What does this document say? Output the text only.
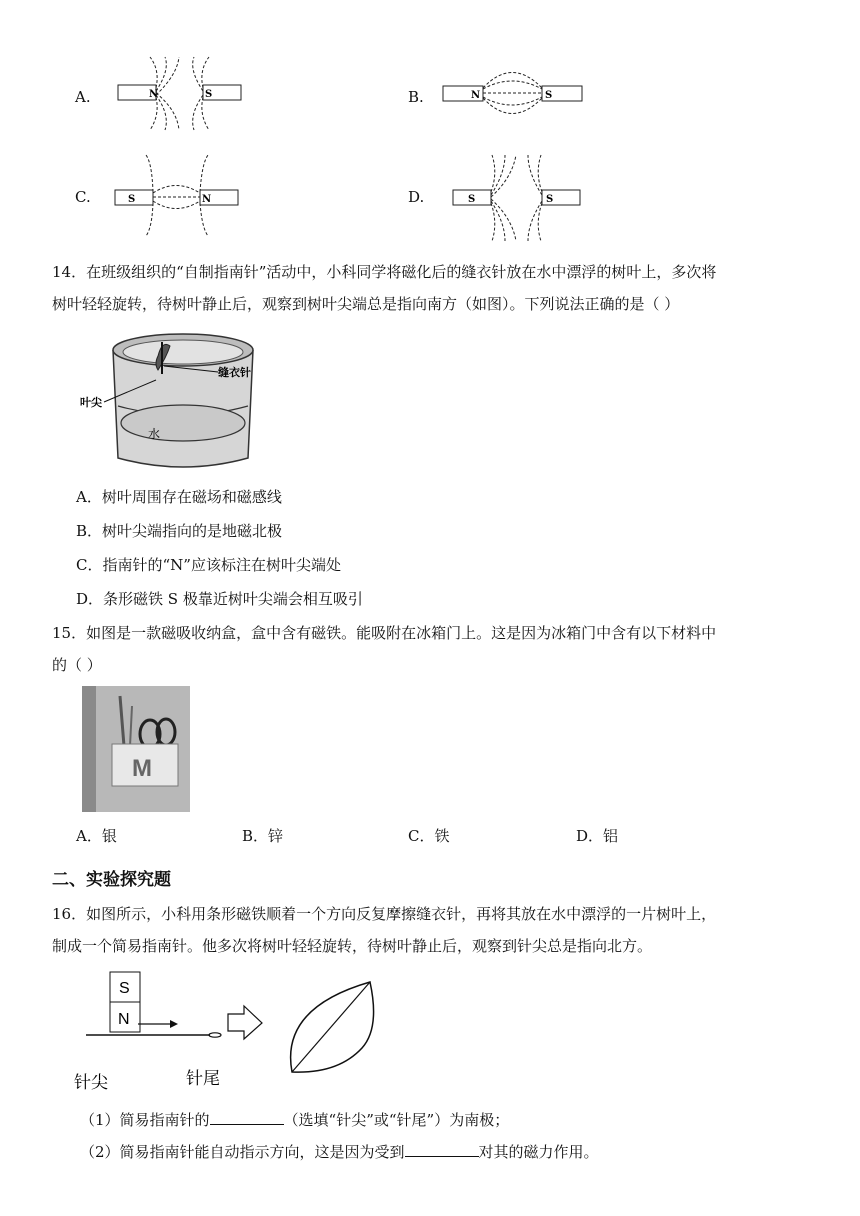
A.	N	S	B.	N	S
C.	S	N	D.	S	S
14．在班级组织的“自制指南针”活动中，小科同学将磁化后的缝衣针放在水中漂浮的树叶上，多次将
树叶轻轻旋转，待树叶静止后，观察到树叶尖端总是指向南方（如图）。下列说法正确的是（ ）
缝衣针
叶尖
水
A．树叶周围存在磁场和磁感线
B．树叶尖端指向的是地磁北极
C．指南针的“N”应该标注在树叶尖端处
D．条形磁铁 S 极靠近树叶尖端会相互吸引
15．如图是一款磁吸收纳盒，盒中含有磁铁。能吸附在冰箱门上。这是因为冰箱门中含有以下材料中
的（ ）
M
A．银	B．锌	C．铁	D．铝
二、实验探究题
16．如图所示，小科用条形磁铁顺着一个方向反复摩擦缝衣针，再将其放在水中漂浮的一片树叶上，
制成一个简易指南针。他多次将树叶轻轻旋转，待树叶静止后，观察到针尖总是指向北方。
S
N
针尖	针尾
（1）简易指南针的	（选填“针尖”或“针尾”）为南极；
（2）简易指南针能自动指示方向，这是因为受到	对其的磁力作用。
